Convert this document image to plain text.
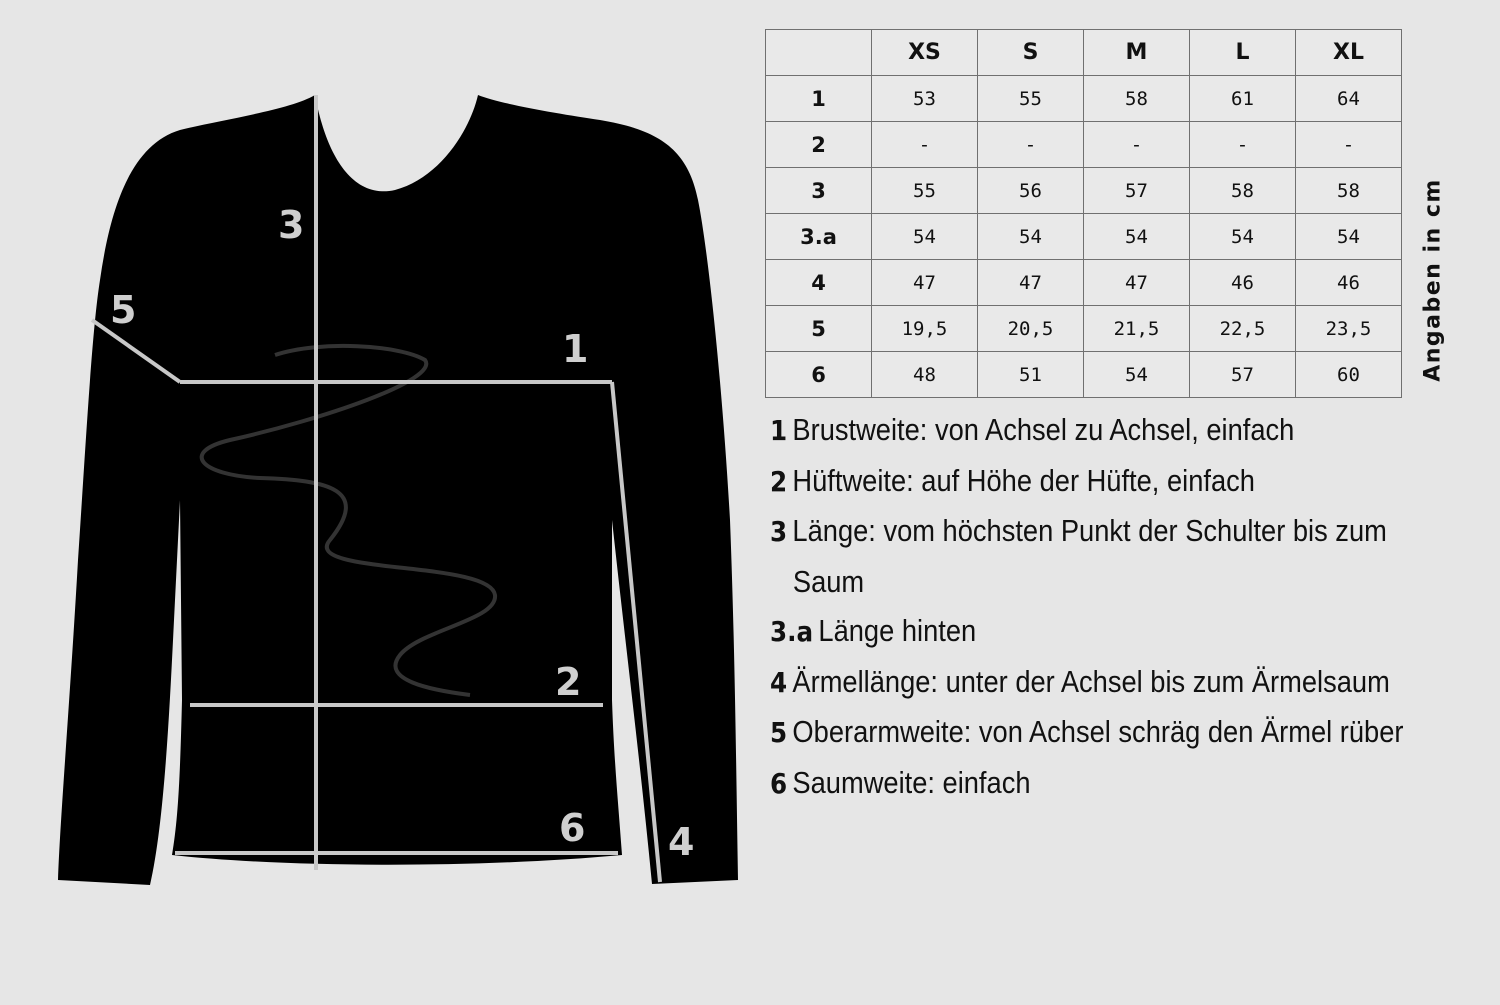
3
5
1
2
6 4
	XS	S	M	L	XL
1	53	55	58	61	64
2	-	-	-	-	-
3	55	56	57	58	58
3.a	54	54	54	54	54
4	47	47	47	46	46
5	19,5	20,5	21,5	22,5	23,5
6	48	51	54	57	60	Angaben in cm
1 Brustweite: von Achsel zu Achsel, einfach
2 Hüftweite: auf Höhe der Hüfte, einfach
3 Länge: vom höchsten Punkt der Schulter bis zum Saum
3.a Länge hinten
4 Ärmellänge: unter der Achsel bis zum Ärmelsaum
5 Oberarmweite: von Achsel schräg den Ärmel rüber
6 Saumweite: einfach
